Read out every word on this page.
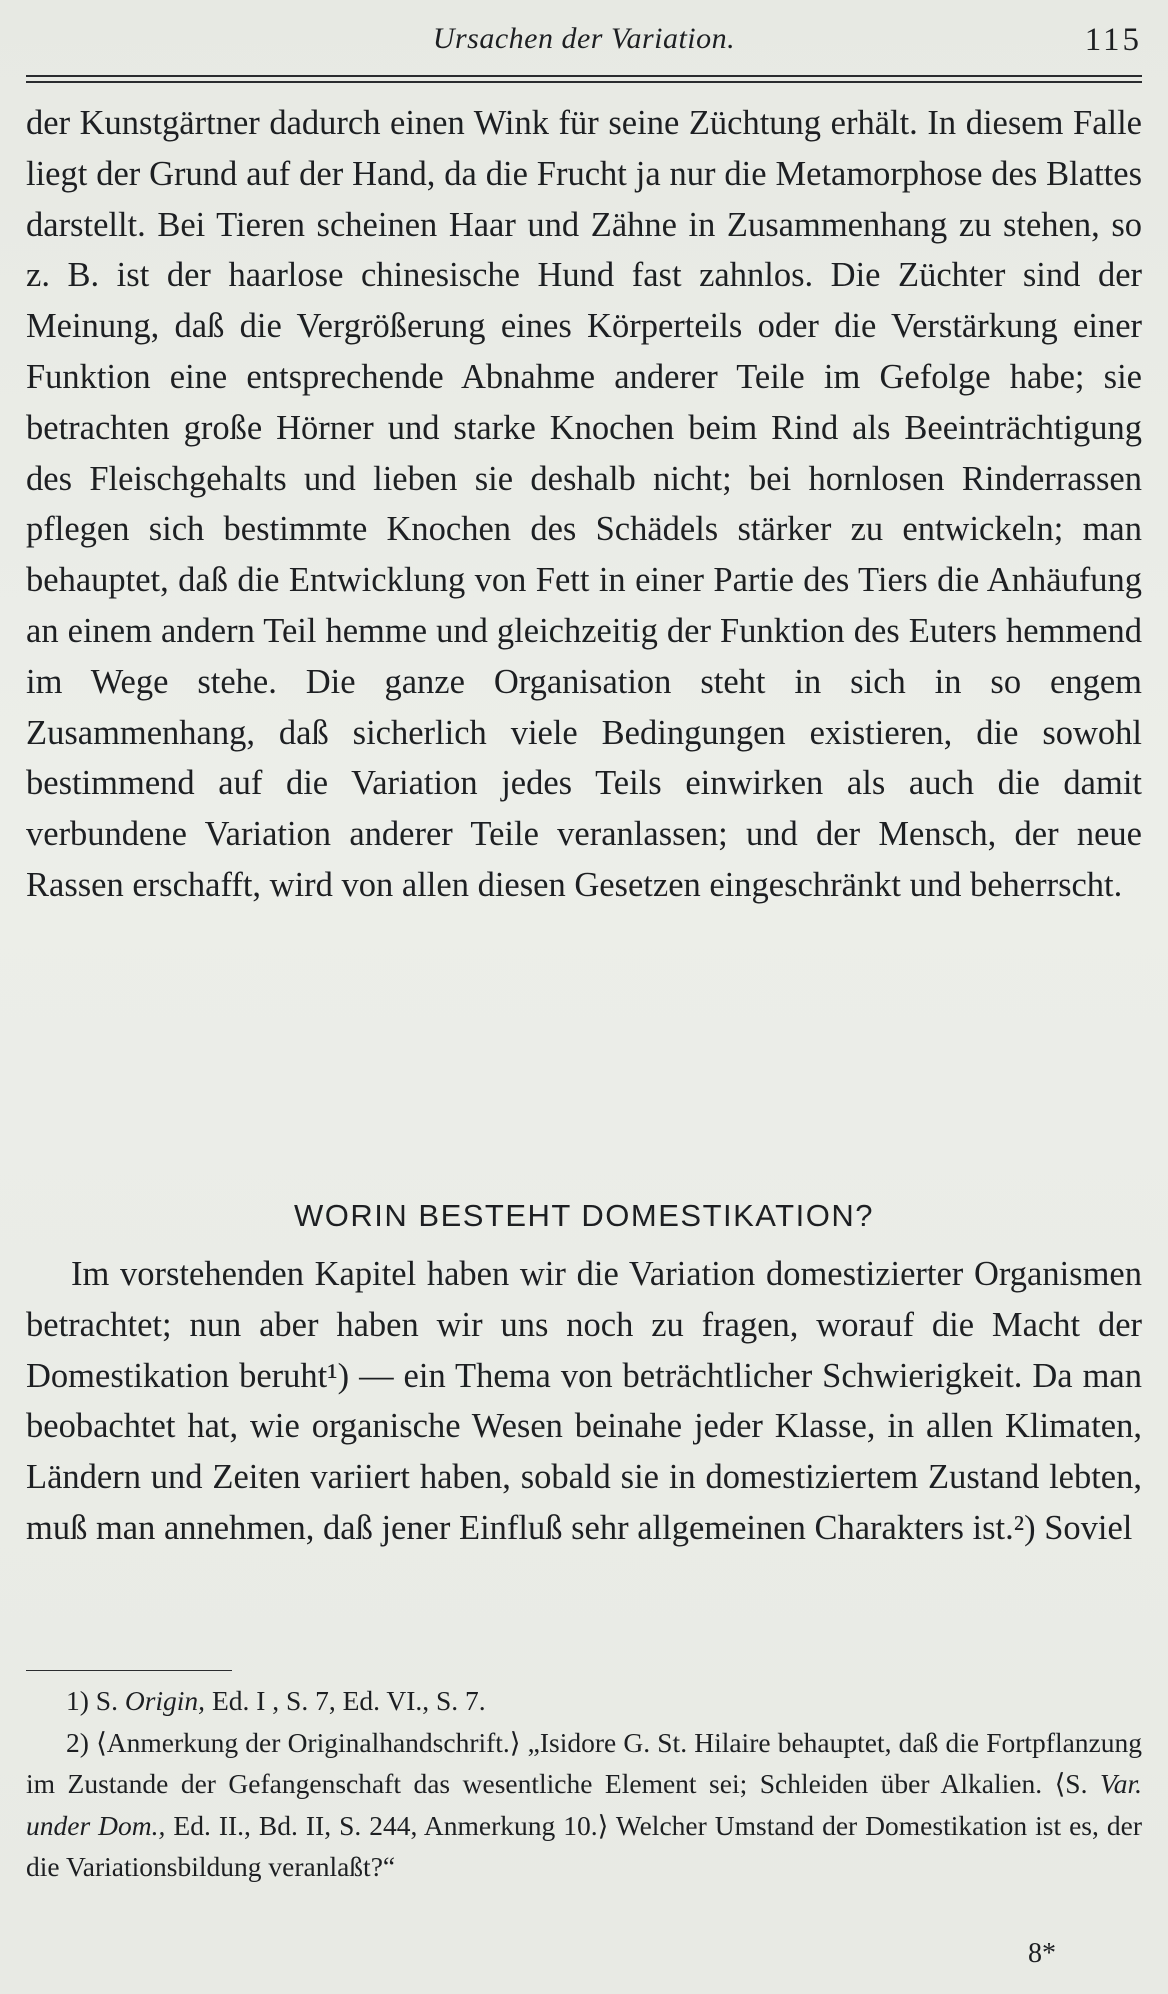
Ursachen der Variation.	115

der Kunstgärtner dadurch einen Wink für seine Züchtung erhält. In diesem Falle liegt der Grund auf der Hand, da die Frucht ja nur die Metamorphose des Blattes darstellt. Bei Tieren scheinen Haar und Zähne in Zusammenhang zu stehen, so z. B. ist der haarlose chinesische Hund fast zahnlos. Die Züchter sind der Meinung, daß die Vergrößerung eines Körperteils oder die Verstärkung einer Funktion eine entsprechende Abnahme anderer Teile im Gefolge habe; sie betrachten große Hörner und starke Knochen beim Rind als Beeinträchtigung des Fleischgehalts und lieben sie deshalb nicht; bei hornlosen Rinderrassen pflegen sich bestimmte Knochen des Schädels stärker zu entwickeln; man behauptet, daß die Entwicklung von Fett in einer Partie des Tiers die Anhäufung an einem andern Teil hemme und gleichzeitig der Funktion des Euters hemmend im Wege stehe. Die ganze Organisation steht in sich in so engem Zusammenhang, daß sicherlich viele Bedingungen existieren, die sowohl bestimmend auf die Variation jedes Teils einwirken als auch die damit verbundene Variation anderer Teile veranlassen; und der Mensch, der neue Rassen erschafft, wird von allen diesen Gesetzen eingeschränkt und beherrscht.

WORIN BESTEHT DOMESTIKATION?

Im vorstehenden Kapitel haben wir die Variation domestizierter Organismen betrachtet; nun aber haben wir uns noch zu fragen, worauf die Macht der Domestikation beruht¹) — ein Thema von beträchtlicher Schwierigkeit. Da man beobachtet hat, wie organische Wesen beinahe jeder Klasse, in allen Klimaten, Ländern und Zeiten variiert haben, sobald sie in domestiziertem Zustand lebten, muß man annehmen, daß jener Einfluß sehr allgemeinen Charakters ist.²) Soviel

1) S. Origin, Ed. I , S. 7, Ed. VI., S. 7.

2) ⟨Anmerkung der Originalhandschrift.⟩ „Isidore G. St. Hilaire behauptet, daß die Fortpflanzung im Zustande der Gefangenschaft das wesentliche Element sei; Schleiden über Alkalien. ⟨S. Var. under Dom., Ed. II., Bd. II, S. 244, Anmerkung 10.⟩ Welcher Umstand der Domestikation ist es, der die Variationsbildung veranlaßt?“

8*
